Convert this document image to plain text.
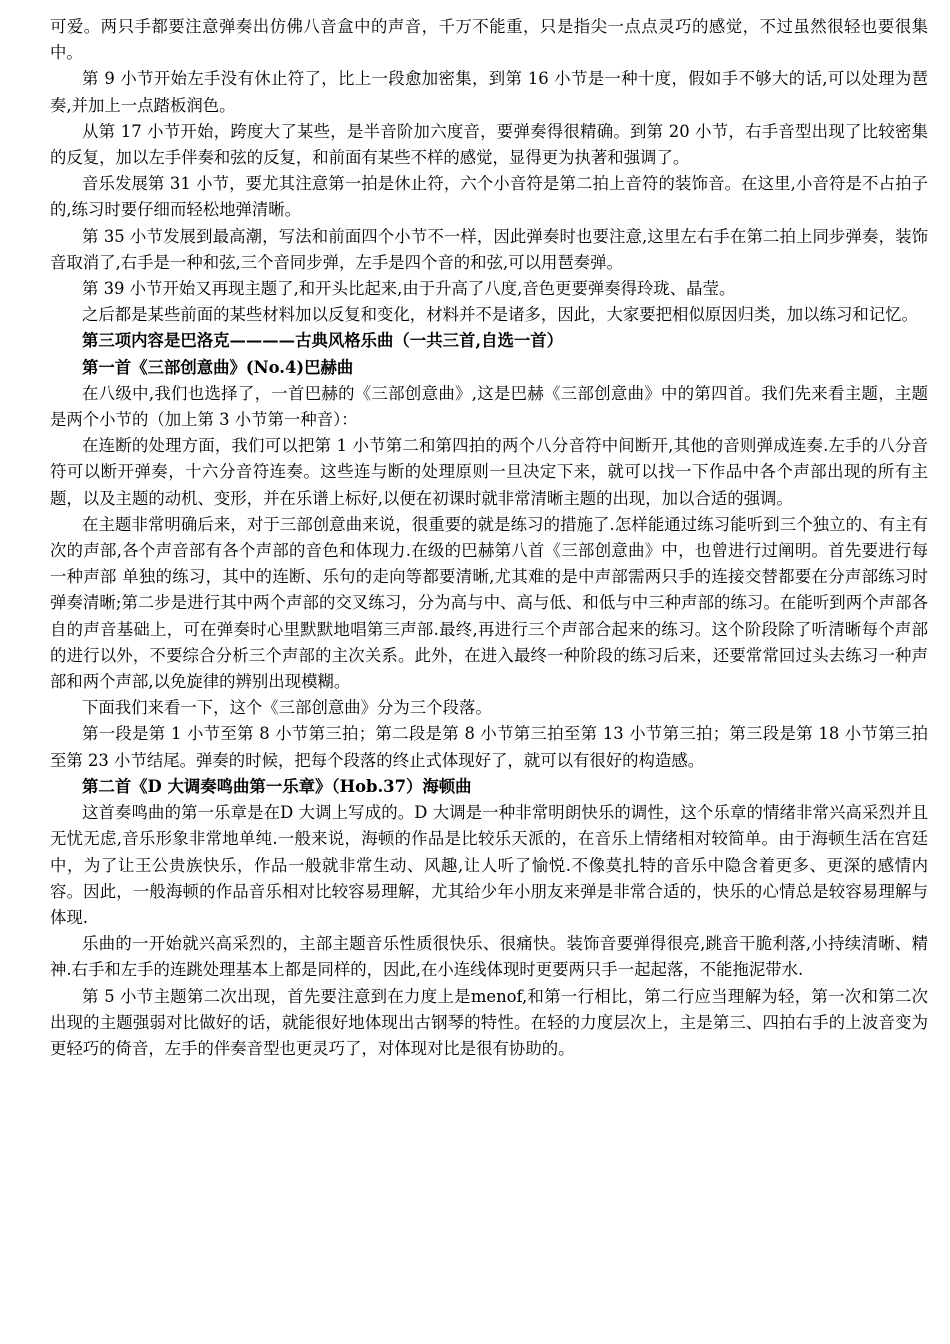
可爱。两只手都要注意弹奏出仿佛八音盒中的声音，千万不能重，只是指尖一点点灵巧的感觉，不过虽然很轻也要很集中。

第 9 小节开始左手没有休止符了，比上一段愈加密集，到第 16 小节是一种十度，假如手不够大的话,可以处理为琶奏,并加上一点踏板润色。

从第 17 小节开始，跨度大了某些，是半音阶加六度音，要弹奏得很精确。到第 20 小节，右手音型出现了比较密集的反复，加以左手伴奏和弦的反复，和前面有某些不样的感觉，显得更为执著和强调了。

音乐发展第 31 小节，要尤其注意第一拍是休止符，六个小音符是第二拍上音符的装饰音。在这里,小音符是不占拍子的,练习时要仔细而轻松地弹清晰。

第 35 小节发展到最高潮，写法和前面四个小节不一样，因此弹奏时也要注意,这里左右手在第二拍上同步弹奏，装饰音取消了,右手是一种和弦,三个音同步弹，左手是四个音的和弦,可以用琶奏弹。

第 39 小节开始又再现主题了,和开头比起来,由于升高了八度,音色更要弹奏得玲珑、晶莹。

之后都是某些前面的某些材料加以反复和变化，材料并不是诸多，因此，大家要把相似原因归类，加以练习和记忆。

第三项内容是巴洛克————古典风格乐曲（一共三首,自选一首）

第一首《三部创意曲》(No.4)巴赫曲

在八级中,我们也选择了，一首巴赫的《三部创意曲》,这是巴赫《三部创意曲》中的第四首。我们先来看主题，主题是两个小节的（加上第 3 小节第一种音）：

在连断的处理方面，我们可以把第 1 小节第二和第四拍的两个八分音符中间断开,其他的音则弹成连奏.左手的八分音符可以断开弹奏，十六分音符连奏。这些连与断的处理原则一旦决定下来，就可以找一下作品中各个声部出现的所有主题，以及主题的动机、变形，并在乐谱上标好,以便在初课时就非常清晰主题的出现，加以合适的强调。

在主题非常明确后来，对于三部创意曲来说，很重要的就是练习的措施了.怎样能通过练习能听到三个独立的、有主有次的声部,各个声音部有各个声部的音色和体现力.在级的巴赫第八首《三部创意曲》中，也曾进行过阐明。首先要进行每一种声部 单独的练习，其中的连断、乐句的走向等都要清晰,尤其难的是中声部需两只手的连接交替都要在分声部练习时弹奏清晰;第二步是进行其中两个声部的交叉练习，分为高与中、高与低、和低与中三种声部的练习。在能听到两个声部各自的声音基础上，可在弹奏时心里默默地唱第三声部.最终,再进行三个声部合起来的练习。这个阶段除了听清晰每个声部的进行以外，不要综合分析三个声部的主次关系。此外，在进入最终一种阶段的练习后来，还要常常回过头去练习一种声部和两个声部,以免旋律的辨别出现模糊。

下面我们来看一下，这个《三部创意曲》分为三个段落。

第一段是第 1 小节至第 8 小节第三拍；第二段是第 8 小节第三拍至第 13 小节第三拍；第三段是第 18 小节第三拍至第 23 小节结尾。弹奏的时候，把每个段落的终止式体现好了，就可以有很好的构造感。

第二首《D 大调奏鸣曲第一乐章》（Hob.37）海顿曲

这首奏鸣曲的第一乐章是在D 大调上写成的。D 大调是一种非常明朗快乐的调性，这个乐章的情绪非常兴高采烈并且无忧无虑,音乐形象非常地单纯.一般来说，海顿的作品是比较乐天派的，在音乐上情绪相对较简单。由于海顿生活在宫廷中，为了让王公贵族快乐，作品一般就非常生动、风趣,让人听了愉悦.不像莫扎特的音乐中隐含着更多、更深的感情内容。因此，一般海顿的作品音乐相对比较容易理解，尤其给少年小朋友来弹是非常合适的，快乐的心情总是较容易理解与体现.

乐曲的一开始就兴高采烈的，主部主题音乐性质很快乐、很痛快。装饰音要弹得很亮,跳音干脆利落,小持续清晰、精神.右手和左手的连跳处理基本上都是同样的，因此,在小连线体现时更要两只手一起起落，不能拖泥带水.

第 5 小节主题第二次出现，首先要注意到在力度上是menof,和第一行相比，第二行应当理解为轻，第一次和第二次出现的主题强弱对比做好的话，就能很好地体现出古钢琴的特性。在轻的力度层次上，主是第三、四拍右手的上波音变为更轻巧的倚音，左手的伴奏音型也更灵巧了，对体现对比是很有协助的。
